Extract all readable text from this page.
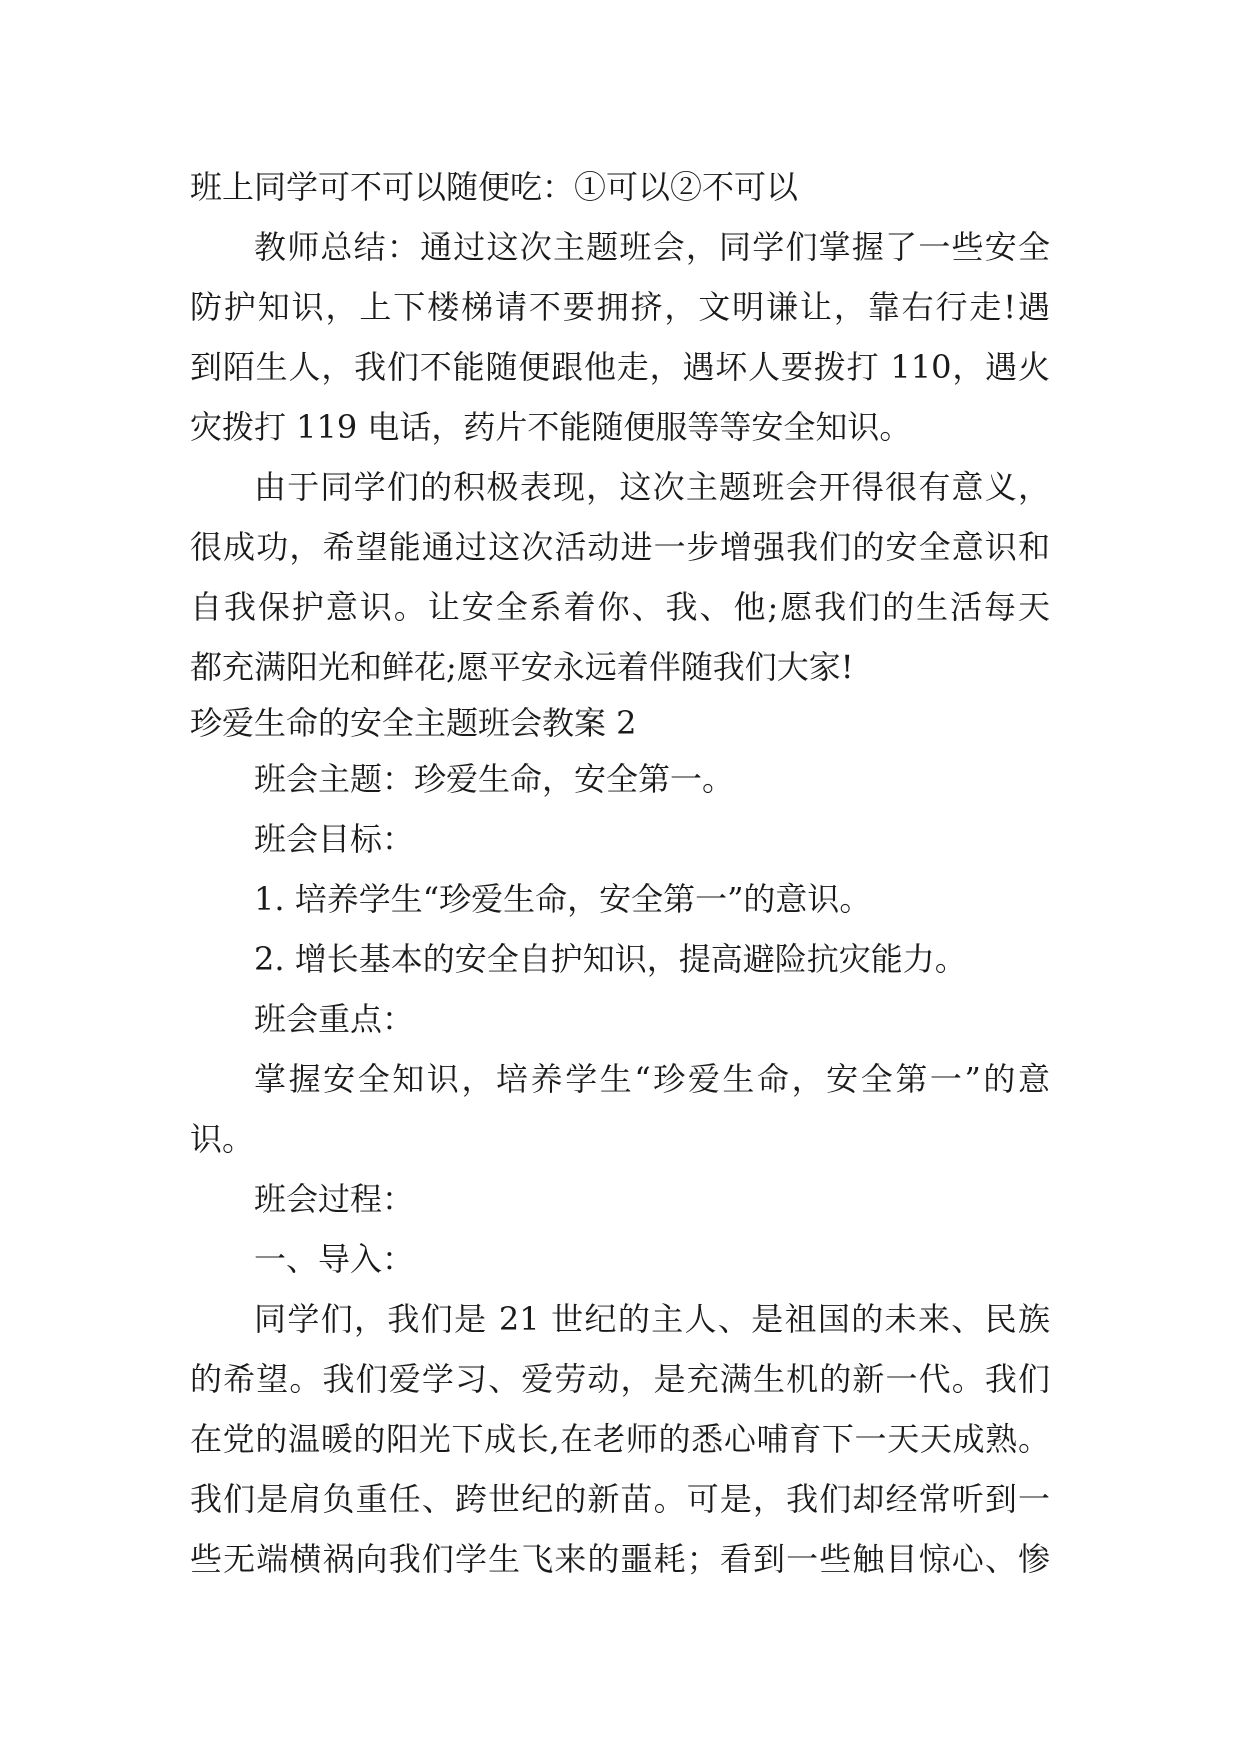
班上同学可不可以随便吃：①可以②不可以
教师总结：通过这次主题班会，同学们掌握了一些安全
防护知识，上下楼梯请不要拥挤，文明谦让，靠右行走!遇
到陌生人，我们不能随便跟他走，遇坏人要拨打 110，遇火
灾拨打 119 电话，药片不能随便服等等安全知识。
由于同学们的积极表现，这次主题班会开得很有意义，
很成功，希望能通过这次活动进一步增强我们的安全意识和
自我保护意识。让安全系着你、我、他;愿我们的生活每天
都充满阳光和鲜花;愿平安永远着伴随我们大家!
珍爱生命的安全主题班会教案 2
班会主题：珍爱生命，安全第一。
班会目标：
1. 培养学生“珍爱生命，安全第一”的意识。
2. 增长基本的安全自护知识，提高避险抗灾能力。
班会重点：
掌握安全知识，培养学生“珍爱生命，安全第一”的意
识。
班会过程：
一、导入：
同学们，我们是 21 世纪的主人、是祖国的未来、民族
的希望。我们爱学习、爱劳动，是充满生机的新一代。我们
在党的温暖的阳光下成长,在老师的悉心哺育下一天天成熟。
我们是肩负重任、跨世纪的新苗。可是，我们却经常听到一
些无端横祸向我们学生飞来的噩耗；看到一些触目惊心、惨
